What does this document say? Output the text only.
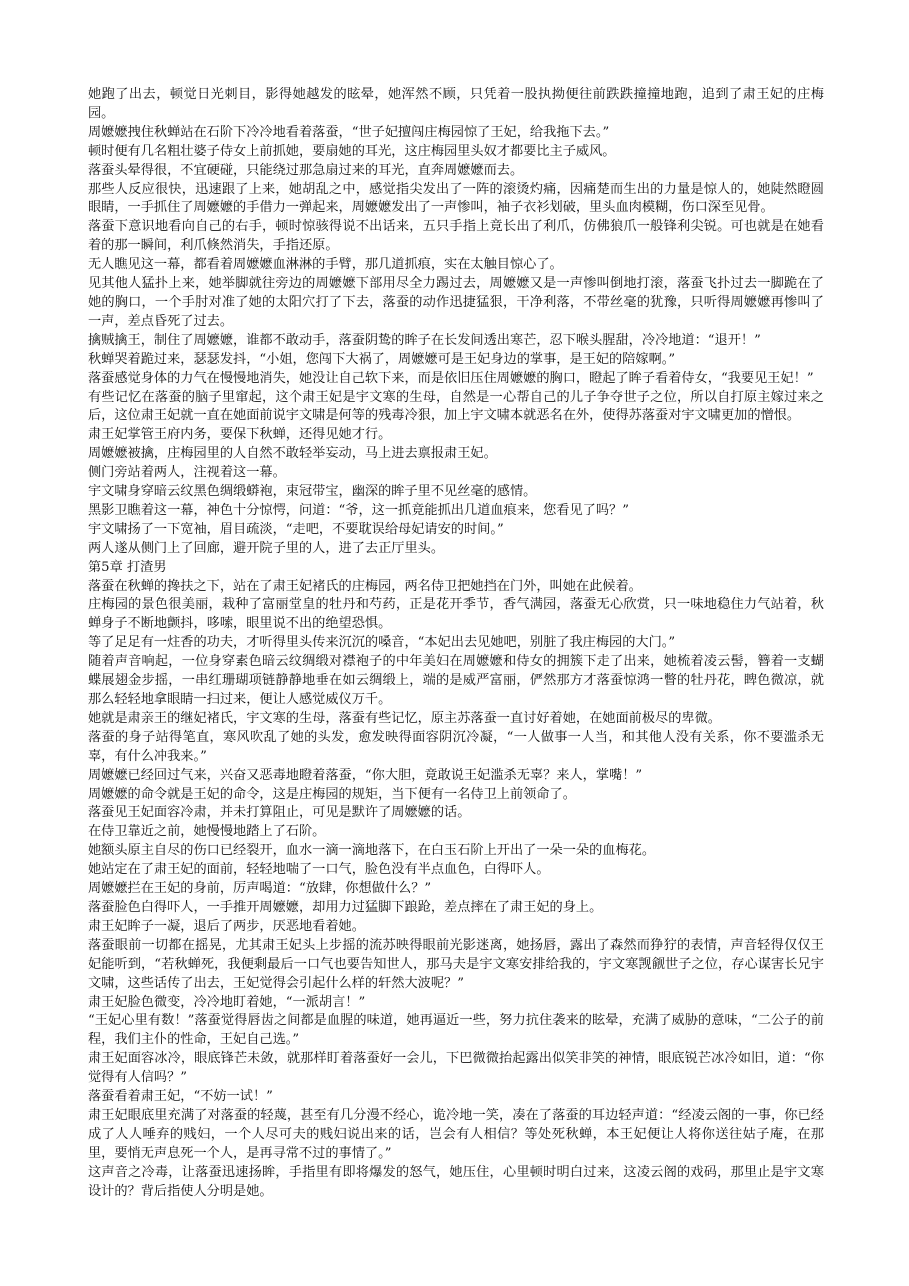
她跑了出去，顿觉日光刺目，影得她越发的眩晕，她浑然不顾，只凭着一股执拗便往前跌跌撞撞地跑，追到了肃王妃的庄梅园。

周嬷嬷拽住秋蝉站在石阶下冷冷地看着落蚕，“世子妃擅闯庄梅园惊了王妃，给我拖下去。”

顿时便有几名粗壮婆子侍女上前抓她，要扇她的耳光，这庄梅园里头奴才都要比主子威风。

落蚕头晕得很，不宜硬碰，只能绕过那急扇过来的耳光，直奔周嬷嬷而去。

那些人反应很快，迅速跟了上来，她胡乱之中，感觉指尖发出了一阵的滚烫灼痛，因痛楚而生出的力量是惊人的，她陡然瞪圆眼睛，一手抓住了周嬷嬷的手借力一弹起来，周嬷嬷发出了一声惨叫，袖子衣衫划破，里头血肉模糊，伤口深至见骨。

落蚕下意识地看向自己的右手，顿时惊骇得说不出话来，五只手指上竟长出了利爪，仿佛狼爪一般锋利尖锐。可也就是在她看着的那一瞬间，利爪倏然消失，手指还原。

无人瞧见这一幕，都看着周嬷嬷血淋淋的手臂，那几道抓痕，实在太触目惊心了。

见其他人猛扑上来，她举脚就往旁边的周嬷嬷下部用尽全力踢过去，周嬷嬷又是一声惨叫倒地打滚，落蚕飞扑过去一脚跪在了她的胸口，一个手肘对准了她的太阳穴打了下去，落蚕的动作迅捷猛狠，干净利落，不带丝毫的犹豫，只听得周嬷嬷再惨叫了一声，差点昏死了过去。

擒贼擒王，制住了周嬷嬷，谁都不敢动手，落蚕阴鸷的眸子在长发间透出寒芒，忍下喉头腥甜，冷冷地道：“退开！”

秋蝉哭着跪过来，瑟瑟发抖，“小姐，您闯下大祸了，周嬷嬷可是王妃身边的掌事，是王妃的陪嫁啊。”

落蚕感觉身体的力气在慢慢地消失，她没让自己软下来，而是依旧压住周嬷嬷的胸口，瞪起了眸子看着侍女，“我要见王妃！”

有些记忆在落蚕的脑子里窜起，这个肃王妃是宇文寒的生母，自然是一心帮自己的儿子争夺世子之位，所以自打原主嫁过来之后，这位肃王妃就一直在她面前说宇文啸是何等的残毒冷狠，加上宇文啸本就恶名在外，使得苏落蚕对宇文啸更加的憎恨。

肃王妃掌管王府内务，要保下秋蝉，还得见她才行。

周嬷嬷被擒，庄梅园里的人自然不敢轻举妄动，马上进去禀报肃王妃。

侧门旁站着两人，注视着这一幕。

宇文啸身穿暗云纹黑色绸缎蟒袍，束冠带宝，幽深的眸子里不见丝毫的感情。

黑影卫瞧着这一幕，神色十分惊愕，问道：“爷，这一抓竟能抓出几道血痕来，您看见了吗？”

宇文啸扬了一下宽袖，眉目疏淡，“走吧，不要耽误给母妃请安的时间。”

两人遂从侧门上了回廊，避开院子里的人，进了去正厅里头。

第5章 打渣男

落蚕在秋蝉的搀扶之下，站在了肃王妃褚氏的庄梅园，两名侍卫把她挡在门外，叫她在此候着。

庄梅园的景色很美丽，栽种了富丽堂皇的牡丹和芍药，正是花开季节，香气满园，落蚕无心欣赏，只一味地稳住力气站着，秋蝉身子不断地颤抖，哆嗦，眼里说不出的绝望恐惧。

等了足足有一炷香的功夫，才听得里头传来沉沉的嗓音，“本妃出去见她吧，别脏了我庄梅园的大门。”

随着声音响起，一位身穿素色暗云纹绸缎对襟袍子的中年美妇在周嬷嬷和侍女的拥簇下走了出来，她梳着凌云髻，簪着一支蝴蝶展翅金步摇，一串红珊瑚项链静静地垂在如云绸缎上，端的是威严富丽，俨然那方才落蚕惊鸿一瞥的牡丹花，睥色微凉，就那么轻轻地拿眼睛一扫过来，便让人感觉威仪万千。

她就是肃亲王的继妃褚氏，宇文寒的生母，落蚕有些记忆，原主苏落蚕一直讨好着她，在她面前极尽的卑微。

落蚕的身子站得笔直，寒风吹乱了她的头发，愈发映得面容阴沉冷凝，“一人做事一人当，和其他人没有关系，你不要滥杀无辜，有什么冲我来。”

周嬷嬷已经回过气来，兴奋又恶毒地瞪着落蚕，“你大胆，竟敢说王妃滥杀无辜？来人，掌嘴！”

周嬷嬷的命令就是王妃的命令，这是庄梅园的规矩，当下便有一名侍卫上前领命了。

落蚕见王妃面容冷肃，并未打算阻止，可见是默许了周嬷嬷的话。

在侍卫靠近之前，她慢慢地踏上了石阶。

她额头原主自尽的伤口已经裂开，血水一滴一滴地落下，在白玉石阶上开出了一朵一朵的血梅花。

她站定在了肃王妃的面前，轻轻地喘了一口气，脸色没有半点血色，白得吓人。

周嬷嬷拦在王妃的身前，厉声喝道：“放肆，你想做什么？”

落蚕脸色白得吓人，一手推开周嬷嬷，却用力过猛脚下踉跄，差点摔在了肃王妃的身上。

肃王妃眸子一凝，退后了两步，厌恶地看着她。

落蚕眼前一切都在摇晃，尤其肃王妃头上步摇的流苏映得眼前光影迷离，她扬唇，露出了森然而狰狞的表情，声音轻得仅仅王妃能听到，“若秋蝉死，我便剩最后一口气也要告知世人，那马夫是宇文寒安排给我的，宇文寒觊觎世子之位，存心谋害长兄宇文啸，这些话传了出去，王妃觉得会引起什么样的轩然大波呢？”

肃王妃脸色微变，冷冷地盯着她，“一派胡言！”

“王妃心里有数！”落蚕觉得唇齿之间都是血腥的味道，她再逼近一些，努力抗住袭来的眩晕，充满了威胁的意味，“二公子的前程，我们主仆的性命，王妃自己选。”

肃王妃面容冰冷，眼底锋芒未敛，就那样盯着落蚕好一会儿，下巴微微抬起露出似笑非笑的神情，眼底锐芒冰冷如旧，道：“你觉得有人信吗？”

落蚕看着肃王妃，“不妨一试！”

肃王妃眼底里充满了对落蚕的轻蔑，甚至有几分漫不经心，诡冷地一笑，凑在了落蚕的耳边轻声道：“经凌云阁的一事，你已经成了人人唾弃的贱妇，一个人尽可夫的贱妇说出来的话，岂会有人相信？等处死秋蝉，本王妃便让人将你送往姑子庵，在那里，要悄无声息死一个人，是再寻常不过的事情了。”

这声音之冷毒，让落蚕迅速扬眸，手指里有即将爆发的怒气，她压住，心里顿时明白过来，这凌云阁的戏码，那里止是宇文寒设计的？背后指使人分明是她。
